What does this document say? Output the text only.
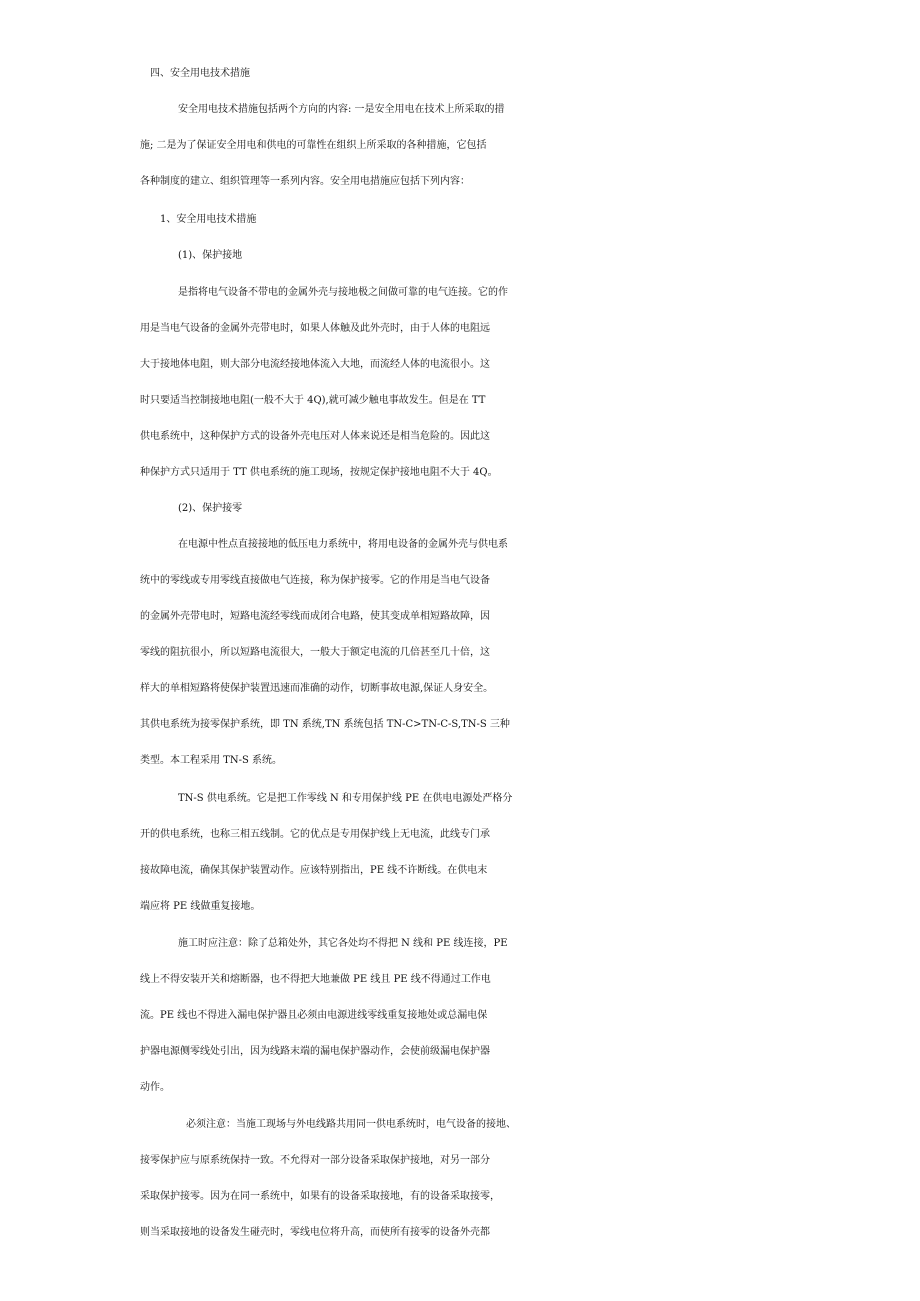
四、安全用电技术措施
安全用电技术措施包括两个方向的内容: 一是安全用电在技术上所采取的措
施; 二是为了保证安全用电和供电的可靠性在组织上所采取的各种措施，它包括
各种制度的建立、组织管理等一系列内容。安全用电措施应包括下列内容：
1、安全用电技术措施
(1)、保护接地
是指将电气设备不带电的金属外壳与接地极之间做可靠的电气连接。它的作
用是当电气设备的金属外壳带电时，如果人体触及此外壳时，由于人体的电阻远
大于接地体电阻，则大部分电流经接地体流入大地，而流经人体的电流很小。这
时只要适当控制接地电阻(一般不大于 4Q),就可减少触电事故发生。但是在 TT
供电系统中，这种保护方式的设备外壳电压对人体来说还是相当危险的。因此这
种保护方式只适用于 TT 供电系统的施工现场，按规定保护接地电阻不大于 4Q。
(2)、保护接零
在电源中性点直接接地的低压电力系统中，将用电设备的金属外壳与供电系
统中的零线或专用零线直接做电气连接，称为保护接零。它的作用是当电气设备
的金属外壳带电时，短路电流经零线而成闭合电路，使其变成单相短路故障，因
零线的阻抗很小，所以短路电流很大，一般大于额定电流的几倍甚至几十倍，这
样大的单相短路将使保护装置迅速而准确的动作，切断事故电源,保证人身安全。
其供电系统为接零保护系统，即 TN 系统,TN 系统包括 TN-C>TN-C-S,TN-S 三种
类型。本工程采用 TN-S 系统。
TN-S 供电系统。它是把工作零线 N 和专用保护线 PE 在供电电源处严格分
开的供电系统，也称三相五线制。它的优点是专用保护线上无电流，此线专门承
接故障电流，确保其保护装置动作。应该特别指出，PE 线不许断线。在供电末
端应将 PE 线做重复接地。
施工时应注意：除了总箱处外，其它各处均不得把 N 线和 PE 线连接，PE
线上不得安装开关和熔断器，也不得把大地兼做 PE 线且 PE 线不得通过工作电
流。PE 线也不得进入漏电保护器且必须由电源进线零线重复接地处或总漏电保
护器电源侧零线处引出，因为线路末端的漏电保护器动作，会使前级漏电保护器
动作。
必须注意：当施工现场与外电线路共用同一供电系统时，电气设备的接地、
接零保护应与原系统保持一致。不允得对一部分设备采取保护接地，对另一部分
采取保护接零。因为在同一系统中，如果有的设备采取接地，有的设备采取接零，
则当采取接地的设备发生碰壳时，零线电位将升高，而使所有接零的设备外壳都
